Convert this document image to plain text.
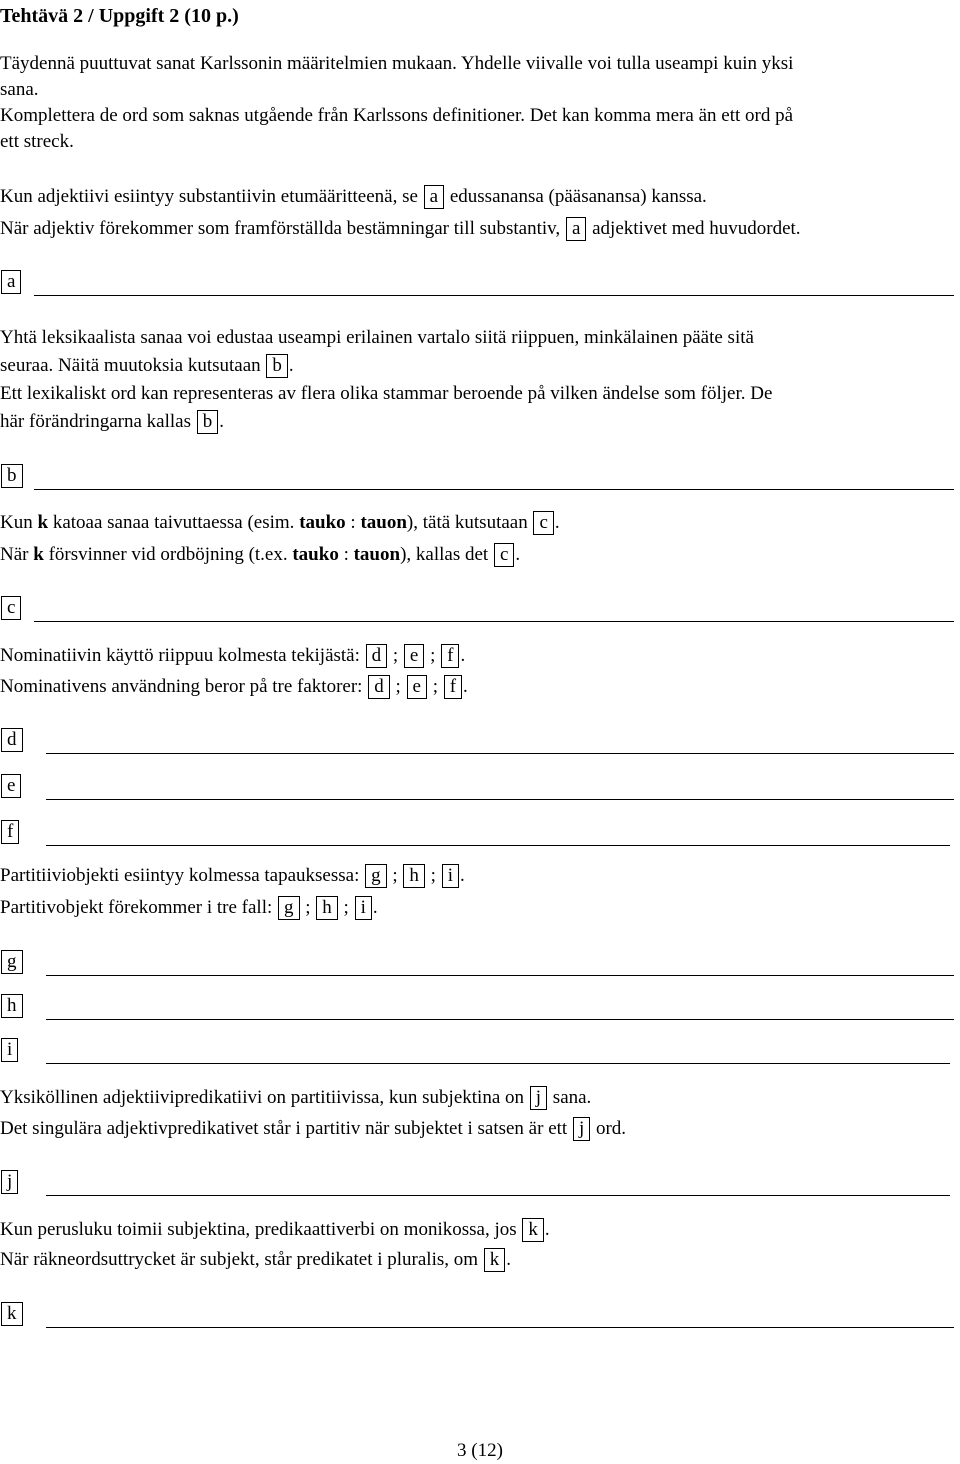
Tehtävä 2 / Uppgift 2 (10 p.)
Täydennä puuttuvat sanat Karlssonin määritelmien mukaan. Yhdelle viivalle voi tulla useampi kuin yksi
sana.
Komplettera de ord som saknas utgående från Karlssons definitioner. Det kan komma mera än ett ord på
ett streck.
Kun adjektiivi esiintyy substantiivin etumääritteenä, se a edussanansa (pääsanansa) kanssa.
När adjektiv förekommer som framförställda bestämningar till substantiv, a adjektivet med huvudordet.
a
Yhtä leksikaalista sanaa voi edustaa useampi erilainen vartalo siitä riippuen, minkälainen pääte sitä
seuraa. Näitä muutoksia kutsutaan b .
Ett lexikaliskt ord kan representeras av flera olika stammar beroende på vilken ändelse som följer. De
här förändringarna kallas b .
b
Kun k katoaa sanaa taivuttaessa (esim. tauko : tauon), tätä kutsutaan c .
När k försvinner vid ordböjning (t.ex. tauko : tauon), kallas det c .
c
Nominatiivin käyttö riippuu kolmesta tekijästä: d ; e ; f .
Nominativens användning beror på tre faktorer: d ; e ; f .
d
e
f
Partitiiviobjekti esiintyy kolmessa tapauksessa: g ; h ; i .
Partitivobjekt förekommer i tre fall: g ; h ; i .
g
h
i
Yksiköllinen adjektiivipredikatiivi on partitiivissa, kun subjektina on j sana.
Det singulära adjektivpredikativet står i partitiv när subjektet i satsen är ett j ord.
j
Kun perusluku toimii subjektina, predikaattiverbi on monikossa, jos k .
När räkneordsuttrycket är subjekt, står predikatet i pluralis, om k .
k
3 (12)
